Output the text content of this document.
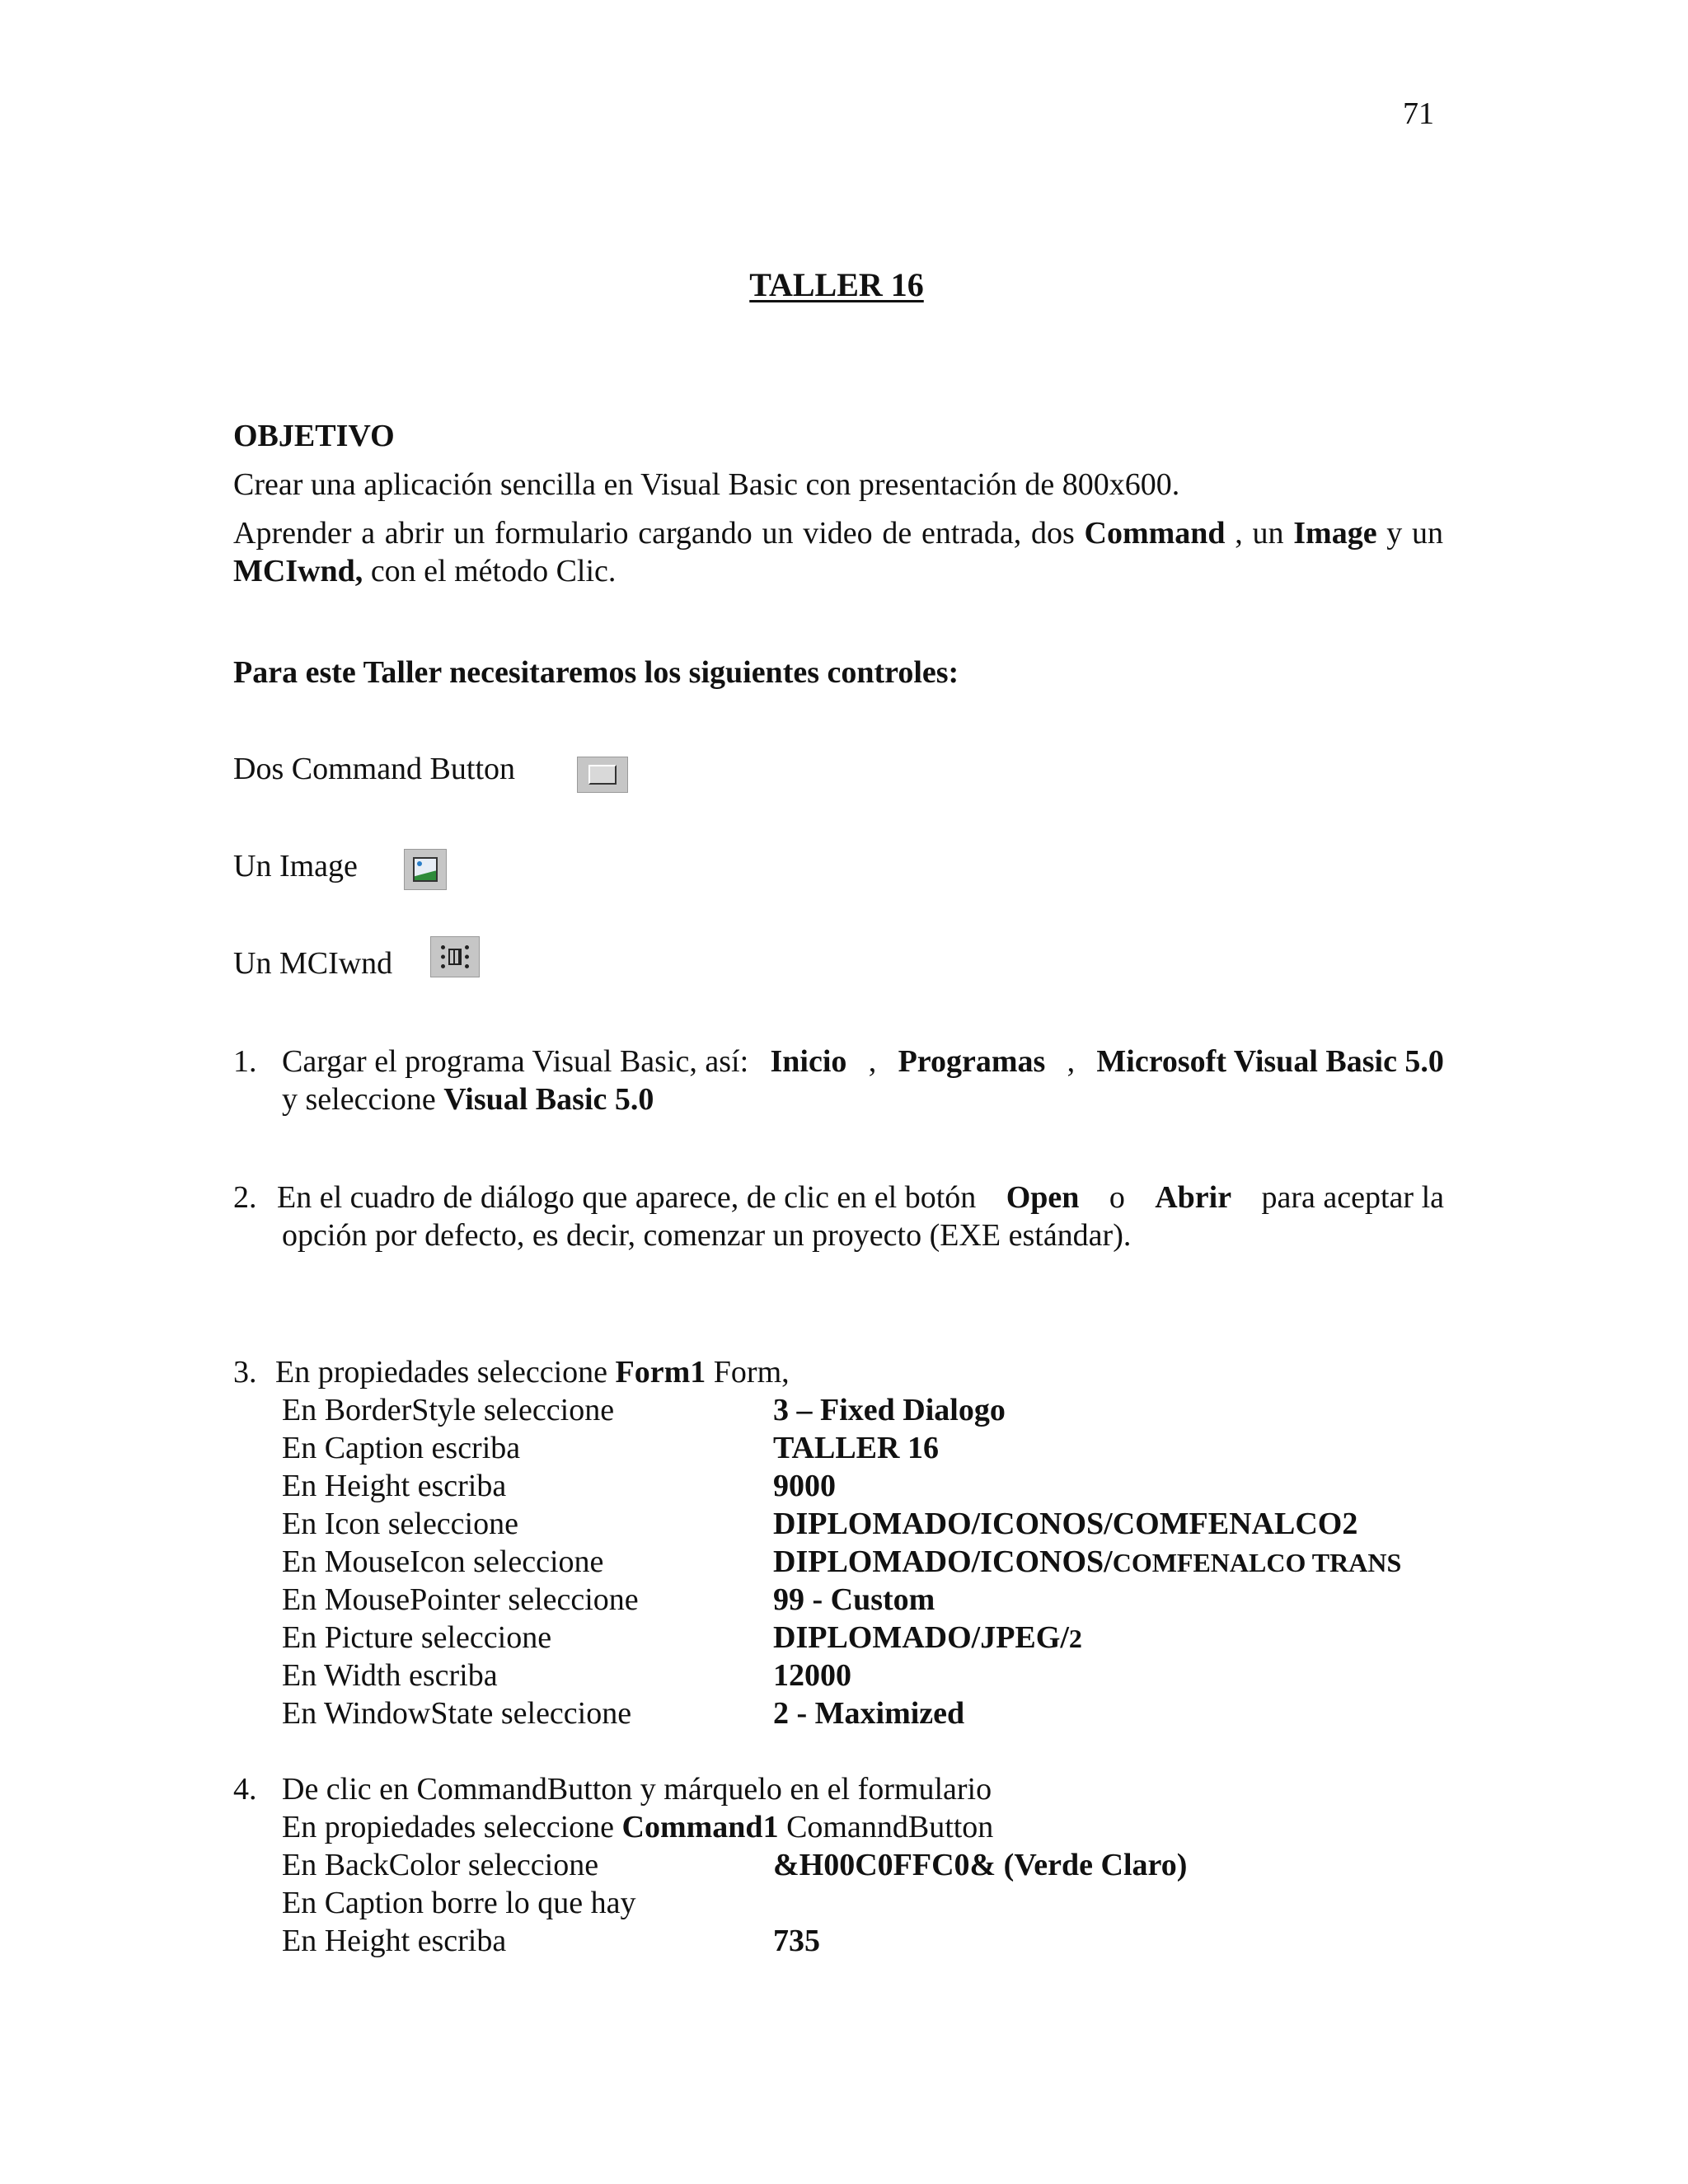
71
TALLER 16
OBJETIVO
Crear una aplicación sencilla en Visual Basic con presentación de 800x600.
Aprender a abrir un formulario cargando un video de entrada, dos Command , un Image y un MCIwnd, con el método Clic.
Para este Taller necesitaremos los siguientes controles:
Dos Command Button
Un Image
Un MCIwnd
1. Cargar el programa Visual Basic, así: Inicio , Programas , Microsoft Visual Basic 5.0
y seleccione Visual Basic 5.0
2. En el cuadro de diálogo que aparece, de clic en el botón Open o Abrir para aceptar la
opción por defecto, es decir, comenzar un proyecto (EXE estándar).
3. En propiedades seleccione Form1 Form,
En BorderStyle seleccione	3 – Fixed Dialogo
En Caption escriba	TALLER 16
En Height escriba	9000
En Icon seleccione	DIPLOMADO/ICONOS/COMFENALCO2
En MouseIcon seleccione	DIPLOMADO/ICONOS/COMFENALCO TRANS
En MousePointer seleccione	99 - Custom
En Picture seleccione	DIPLOMADO/JPEG/2
En Width escriba	12000
En WindowState seleccione	2 - Maximized
4. De clic en CommandButton y márquelo en el formulario
En propiedades seleccione Command1 ComanndButton
En BackColor seleccione	&H00C0FFC0& (Verde Claro)
En Caption borre lo que hay
En Height escriba	735
